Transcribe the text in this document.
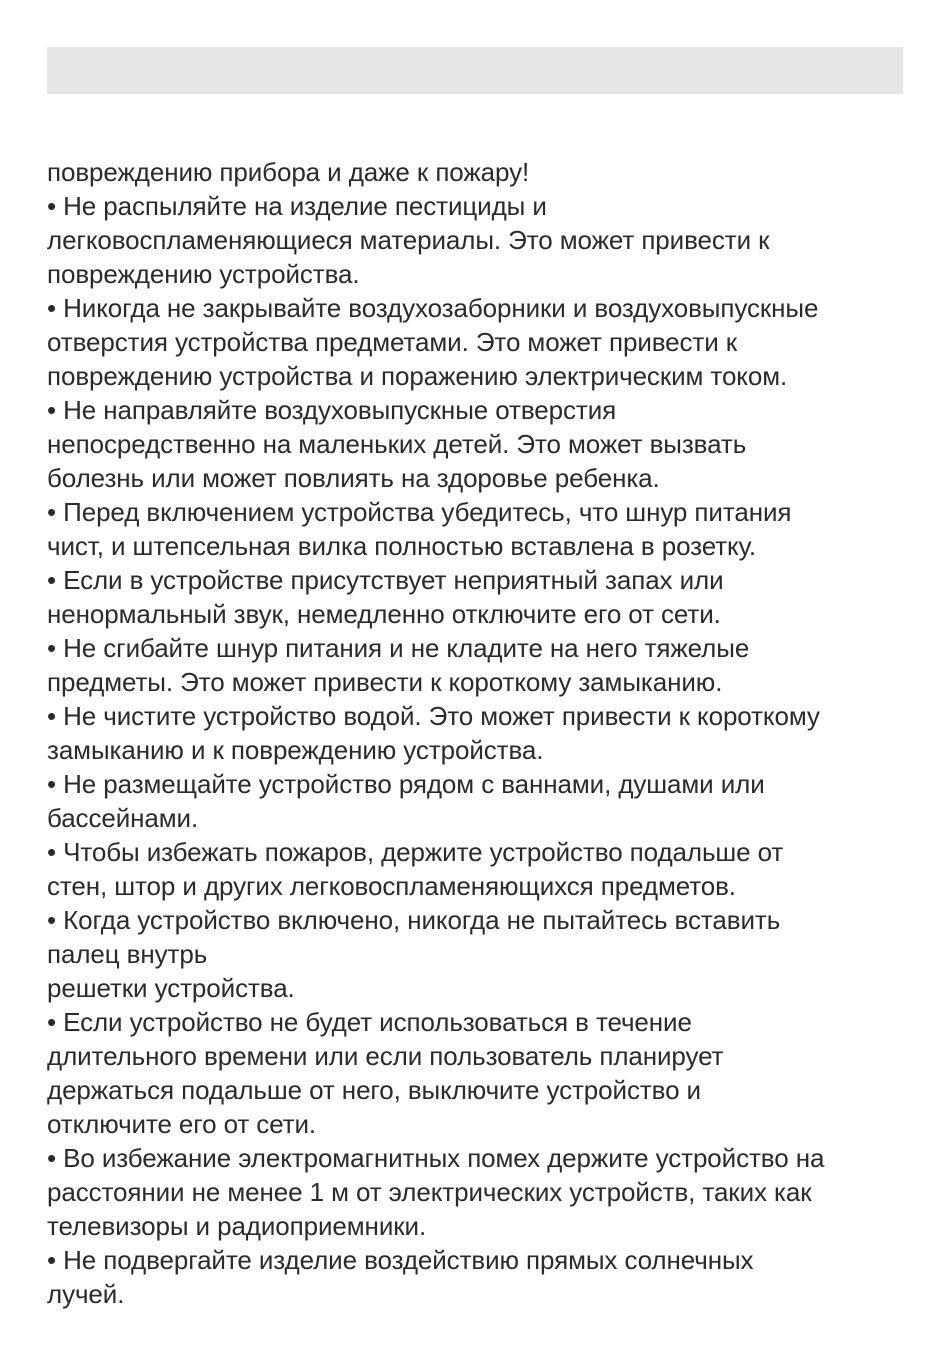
повреждению прибора и даже к пожару!
• Не распыляйте на изделие пестициды и
легковоспламеняющиеся материалы. Это может привести к
повреждению устройства.
• Никогда не закрывайте воздухозаборники и воздуховыпускные
отверстия устройства предметами. Это может привести к
повреждению устройства и поражению электрическим током.
• Не направляйте воздуховыпускные отверстия
непосредственно на маленьких детей. Это может вызвать
болезнь или может повлиять на здоровье ребенка.
• Перед включением устройства убедитесь, что шнур питания
чист, и штепсельная вилка полностью вставлена в розетку.
• Если в устройстве присутствует неприятный запах или
ненормальный звук, немедленно отключите его от сети.
• Не сгибайте шнур питания и не кладите на него тяжелые
предметы. Это может привести к короткому замыканию.
• Не чистите устройство водой. Это может привести к короткому
замыканию и к повреждению устройства.
• Не размещайте устройство рядом с ваннами, душами или
бассейнами.
• Чтобы избежать пожаров, держите устройство подальше от
стен, штор и других легковоспламеняющихся предметов.
• Когда устройство включено, никогда не пытайтесь вставить
палец внутрь
решетки устройства.
• Если устройство не будет использоваться в течение
длительного времени или если пользователь планирует
держаться подальше от него, выключите устройство и
отключите его от сети.
• Во избежание электромагнитных помех держите устройство на
расстоянии не менее 1 м от электрических устройств, таких как
телевизоры и радиоприемники.
• Не подвергайте изделие воздействию прямых солнечных
лучей.
